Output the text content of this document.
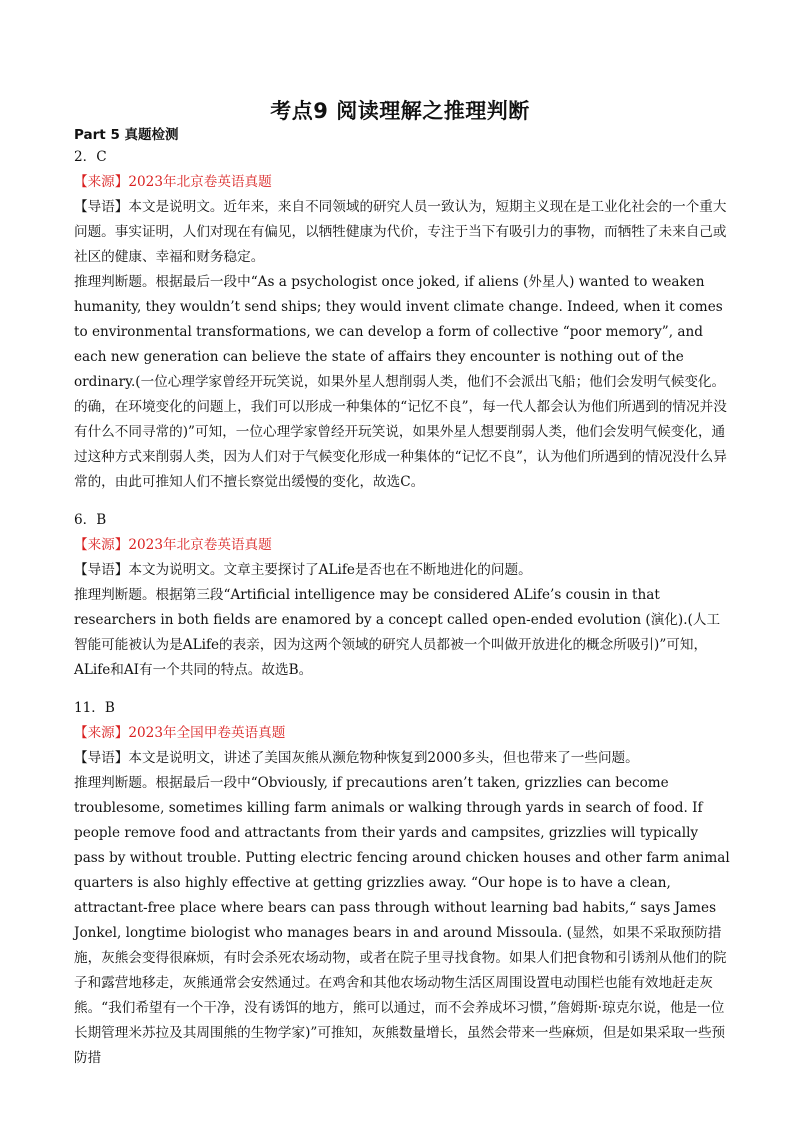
考点9 阅读理解之推理判断
Part 5 真题检测

2．C

【来源】2023年北京卷英语真题

【导语】本文是说明文。近年来，来自不同领域的研究人员一致认为，短期主义现在是工业化社会的一个重大问题。事实证明，人们对现在有偏见，以牺牲健康为代价，专注于当下有吸引力的事物，而牺牲了未来自己或社区的健康、幸福和财务稳定。

推理判断题。根据最后一段中“As a psychologist once joked, if aliens (外星人) wanted to weaken humanity, they wouldn’t send ships; they would invent climate change. Indeed, when it comes to environmental transformations, we can develop a form of collective “poor memory”, and each new generation can believe the state of affairs they encounter is nothing out of the ordinary.(一位心理学家曾经开玩笑说，如果外星人想削弱人类，他们不会派出飞船；他们会发明气候变化。的确，在环境变化的问题上，我们可以形成一种集体的“记忆不良”，每一代人都会认为他们所遇到的情况并没有什么不同寻常的)”可知，一位心理学家曾经开玩笑说，如果外星人想要削弱人类，他们会发明气候变化，通过这种方式来削弱人类，因为人们对于气候变化形成一种集体的“记忆不良”，认为他们所遇到的情况没什么异常的，由此可推知人们不擅长察觉出缓慢的变化，故选C。

6．B

【来源】2023年北京卷英语真题

【导语】本文为说明文。文章主要探讨了ALife是否也在不断地进化的问题。

推理判断题。根据第三段“Artificial intelligence may be considered ALife’s cousin in that researchers in both fields are enamored by a concept called open-ended evolution (演化).(人工智能可能被认为是ALife的表亲，因为这两个领域的研究人员都被一个叫做开放进化的概念所吸引)”可知，ALife和AI有一个共同的特点。故选B。

11．B

【来源】2023年全国甲卷英语真题

【导语】本文是说明文，讲述了美国灰熊从濒危物种恢复到2000多头，但也带来了一些问题。

推理判断题。根据最后一段中“Obviously, if precautions aren’t taken, grizzlies can become troublesome, sometimes killing farm animals or walking through yards in search of food. If people remove food and attractants from their yards and campsites, grizzlies will typically pass by without trouble. Putting electric fencing around chicken houses and other farm animal quarters is also highly effective at getting grizzlies away. “Our hope is to have a clean, attractant-free place where bears can pass through without learning bad habits,“ says James Jonkel, longtime biologist who manages bears in and around Missoula. (显然，如果不采取预防措施，灰熊会变得很麻烦，有时会杀死农场动物，或者在院子里寻找食物。如果人们把食物和引诱剂从他们的院子和露营地移走，灰熊通常会安然通过。在鸡舍和其他农场动物生活区周围设置电动围栏也能有效地赶走灰熊。“我们希望有一个干净，没有诱饵的地方，熊可以通过，而不会养成坏习惯，”詹姆斯·琼克尔说，他是一位长期管理米苏拉及其周围熊的生物学家)”可推知，灰熊数量增长，虽然会带来一些麻烦，但是如果采取一些预防措
